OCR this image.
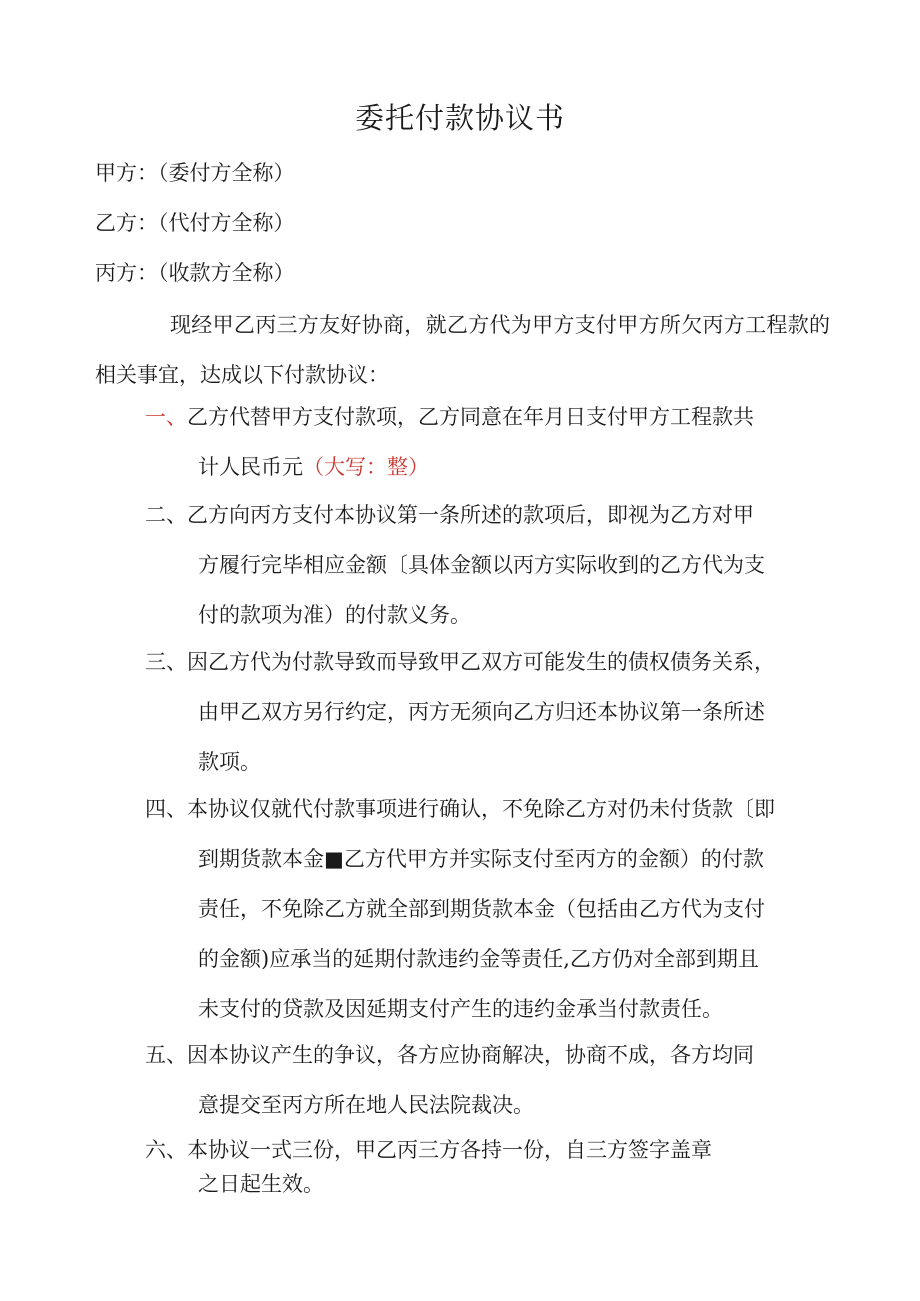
委托付款协议书
甲方：（委付方全称）
乙方：（代付方全称）
丙方：（收款方全称）
现经甲乙丙三方友好协商，就乙方代为甲方支付甲方所欠丙方工程款的相关事宜，达成以下付款协议：
一、乙方代替甲方支付款项，乙方同意在年月日支付甲方工程款共
计人民币元（大写：整）
二、乙方向丙方支付本协议第一条所述的款项后，即视为乙方对甲
方履行完毕相应金额〔具体金额以丙方实际收到的乙方代为支
付的款项为准）的付款义务。
三、因乙方代为付款导致而导致甲乙双方可能发生的债权债务关系，
由甲乙双方另行约定，丙方无须向乙方归还本协议第一条所述
款项。
四、本协议仅就代付款事项进行确认，不免除乙方对仍未付货款〔即
到期货款本金■乙方代甲方并实际支付至丙方的金额）的付款
责任，不免除乙方就全部到期货款本金（包括由乙方代为支付
的金额)应承当的延期付款违约金等责任,乙方仍对全部到期且
未支付的贷款及因延期支付产生的违约金承当付款责任。
五、因本协议产生的争议，各方应协商解决，协商不成，各方均同
意提交至丙方所在地人民法院裁决。
六、本协议一式三份，甲乙丙三方各持一份，自三方签字盖章
之日起生效。
